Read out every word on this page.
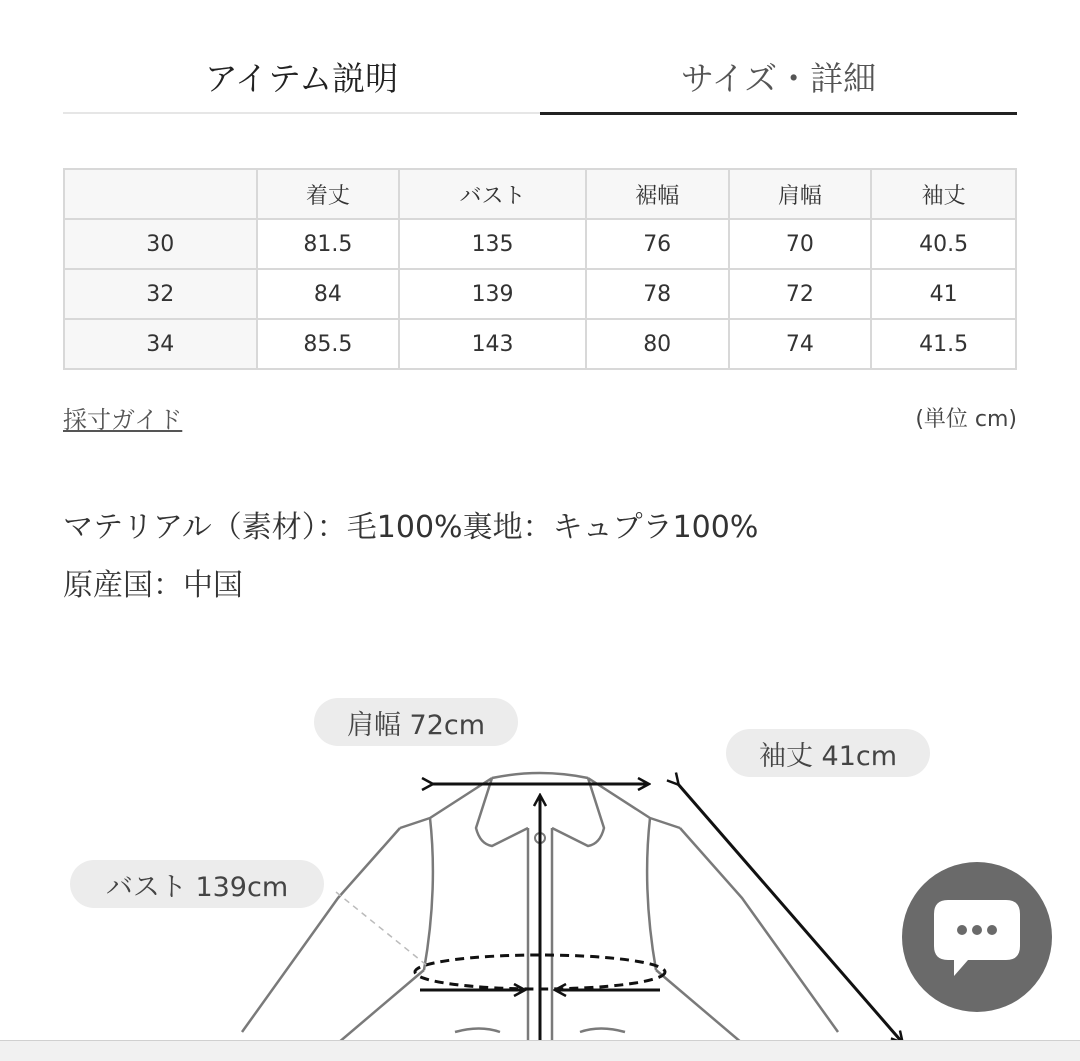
アイテム説明	サイズ・詳細
	着丈	バスト	裾幅	肩幅	袖丈
30	81.5	135	76	70	40.5
32	84	139	78	72	41
34	85.5	143	80	74	41.5
採寸ガイド	(単位 cm)
マテリアル（素材）：毛100%裏地：キュプラ100%
原産国：中国
肩幅 72cm
袖丈 41cm
バスト 139cm
